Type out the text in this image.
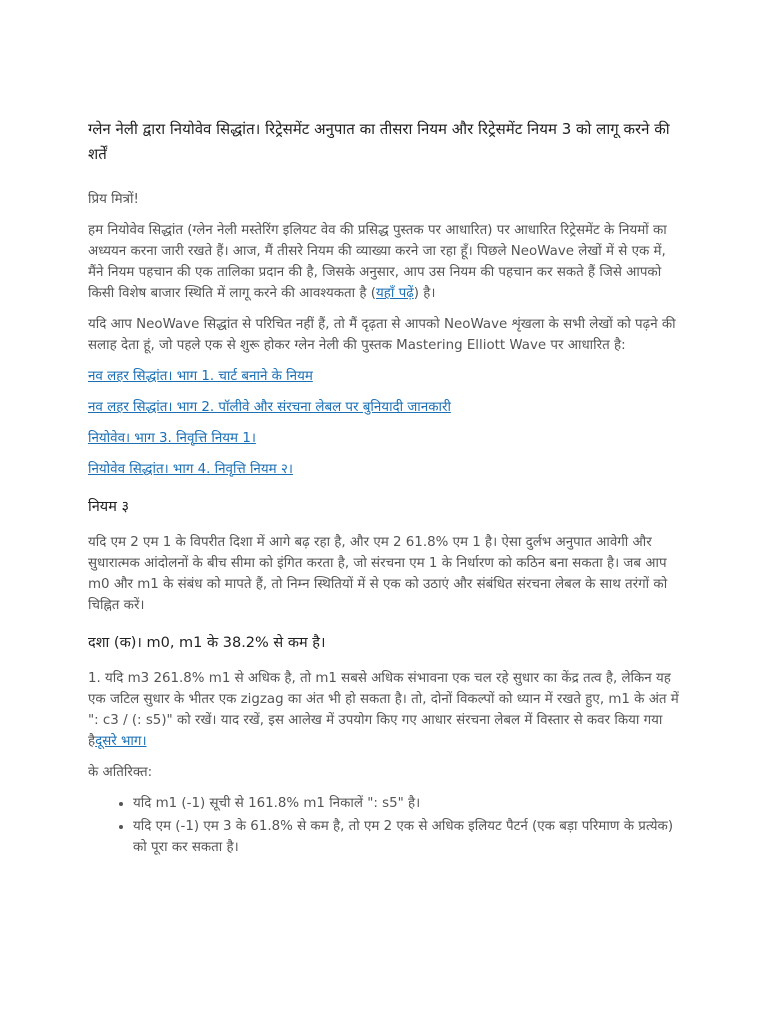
ग्लेन नेली द्वारा नियोवेव सिद्धांत। रिट्रेसमेंट अनुपात का तीसरा नियम और रिट्रेसमेंट नियम 3 को लागू करने की शर्तें

प्रिय मित्रों!

हम नियोवेव सिद्धांत (ग्लेन नेली मस्तेरिंग इलियट वेव की प्रसिद्ध पुस्तक पर आधारित) पर आधारित रिट्रेसमेंट के नियमों का अध्ययन करना जारी रखते हैं। आज, मैं तीसरे नियम की व्याख्या करने जा रहा हूँ। पिछले NeoWave लेखों में से एक में, मैंने नियम पहचान की एक तालिका प्रदान की है, जिसके अनुसार, आप उस नियम की पहचान कर सकते हैं जिसे आपको किसी विशेष बाजार स्थिति में लागू करने की आवश्यकता है (यहाँ पढ़ें) है।

यदि आप NeoWave सिद्धांत से परिचित नहीं हैं, तो मैं दृढ़ता से आपको NeoWave शृंखला के सभी लेखों को पढ़ने की सलाह देता हूं, जो पहले एक से शुरू होकर ग्लेन नेली की पुस्तक Mastering Elliott Wave पर आधारित है:

नव लहर सिद्धांत। भाग 1. चार्ट बनाने के नियम

नव लहर सिद्धांत। भाग 2. पॉलीवे और संरचना लेबल पर बुनियादी जानकारी

नियोवेव। भाग 3. निवृत्ति नियम 1।

नियोवेव सिद्धांत। भाग 4. निवृत्ति नियम २।

नियम ३

यदि एम 2 एम 1 के विपरीत दिशा में आगे बढ़ रहा है, और एम 2 61.8% एम 1 है। ऐसा दुर्लभ अनुपात आवेगी और सुधारात्मक आंदोलनों के बीच सीमा को इंगित करता है, जो संरचना एम 1 के निर्धारण को कठिन बना सकता है। जब आप m0 और m1 के संबंध को मापते हैं, तो निम्न स्थितियों में से एक को उठाएं और संबंधित संरचना लेबल के साथ तरंगों को चिह्नित करें।

दशा (क)। m0, m1 के 38.2% से कम है।

1. यदि m3 261.8% m1 से अधिक है, तो m1 सबसे अधिक संभावना एक चल रहे सुधार का केंद्र तत्व है, लेकिन यह एक जटिल सुधार के भीतर एक zigzag का अंत भी हो सकता है। तो, दोनों विकल्पों को ध्यान में रखते हुए, m1 के अंत में ": c3 / (: s5)" को रखें। याद रखें, इस आलेख में उपयोग किए गए आधार संरचना लेबल में विस्तार से कवर किया गया हैदूसरे भाग।

के अतिरिक्त:

• यदि m1 (-1) सूची से 161.8% m1 निकालें ": s5" है।
• यदि एम (-1) एम 3 के 61.8% से कम है, तो एम 2 एक से अधिक इलियट पैटर्न (एक बड़ा परिमाण के प्रत्येक) को पूरा कर सकता है।
